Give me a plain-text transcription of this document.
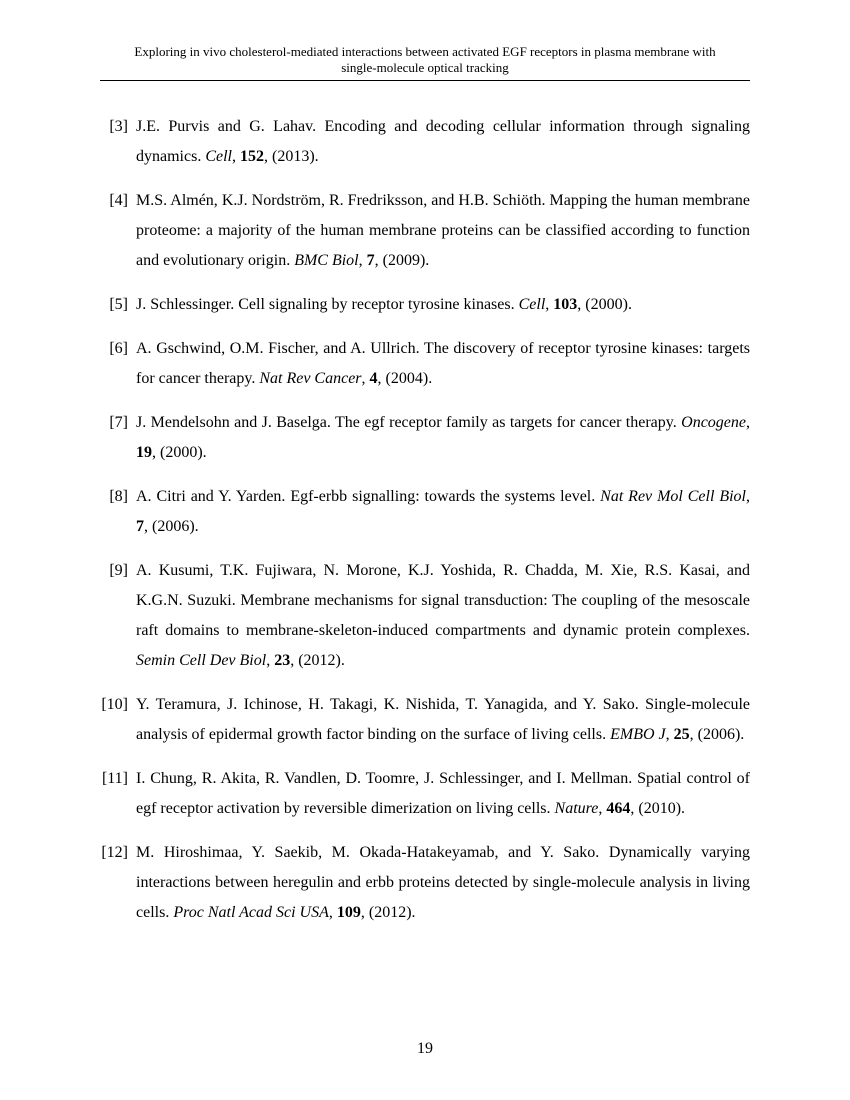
Exploring in vivo cholesterol-mediated interactions between activated EGF receptors in plasma membrane with
single-molecule optical tracking
[3] J.E. Purvis and G. Lahav. Encoding and decoding cellular information through signaling dynamics. Cell, 152, (2013).
[4] M.S. Almén, K.J. Nordström, R. Fredriksson, and H.B. Schiöth. Mapping the human membrane proteome: a majority of the human membrane proteins can be classified according to function and evolutionary origin. BMC Biol, 7, (2009).
[5] J. Schlessinger. Cell signaling by receptor tyrosine kinases. Cell, 103, (2000).
[6] A. Gschwind, O.M. Fischer, and A. Ullrich. The discovery of receptor tyrosine kinases: targets for cancer therapy. Nat Rev Cancer, 4, (2004).
[7] J. Mendelsohn and J. Baselga. The egf receptor family as targets for cancer therapy. Oncogene, 19, (2000).
[8] A. Citri and Y. Yarden. Egf-erbb signalling: towards the systems level. Nat Rev Mol Cell Biol, 7, (2006).
[9] A. Kusumi, T.K. Fujiwara, N. Morone, K.J. Yoshida, R. Chadda, M. Xie, R.S. Kasai, and K.G.N. Suzuki. Membrane mechanisms for signal transduction: The coupling of the mesoscale raft domains to membrane-skeleton-induced compartments and dynamic protein complexes. Semin Cell Dev Biol, 23, (2012).
[10] Y. Teramura, J. Ichinose, H. Takagi, K. Nishida, T. Yanagida, and Y. Sako. Single-molecule analysis of epidermal growth factor binding on the surface of living cells. EMBO J, 25, (2006).
[11] I. Chung, R. Akita, R. Vandlen, D. Toomre, J. Schlessinger, and I. Mellman. Spatial control of egf receptor activation by reversible dimerization on living cells. Nature, 464, (2010).
[12] M. Hiroshimaa, Y. Saekib, M. Okada-Hatakeyamab, and Y. Sako. Dynamically varying interactions between heregulin and erbb proteins detected by single-molecule analysis in living cells. Proc Natl Acad Sci USA, 109, (2012).
19
